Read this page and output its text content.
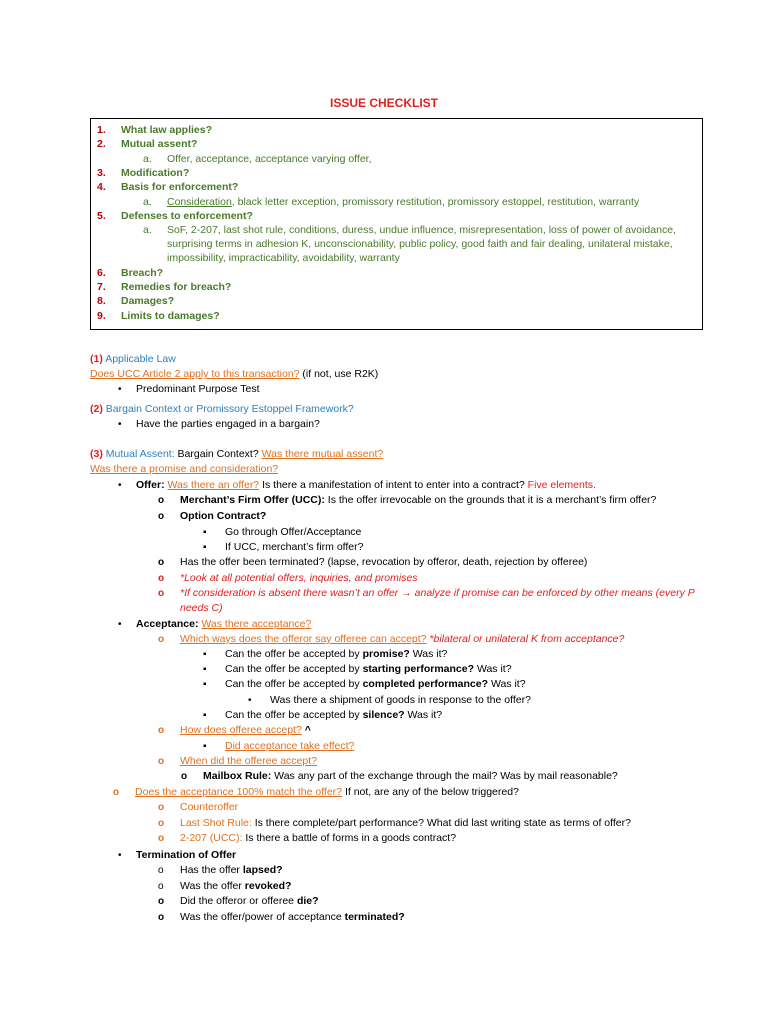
ISSUE CHECKLIST
1.	What law applies?
2.	Mutual assent?
a.	Offer, acceptance, acceptance varying offer,
3.	Modification?
4.	Basis for enforcement?
a.	Consideration, black letter exception, promissory restitution, promissory estoppel, restitution, warranty
5.	Defenses to enforcement?
a.	SoF, 2-207, last shot rule, conditions, duress, undue influence, misrepresentation, loss of power of avoidance,
surprising terms in adhesion K, unconscionability, public policy, good faith and fair dealing, unilateral mistake,
impossibility, impracticability, avoidability, warranty
6.	Breach?
7.	Remedies for breach?
8.	Damages?
9.	Limits to damages?
(1) Applicable Law
Does UCC Article 2 apply to this transaction? (if not, use R2K)
• Predominant Purpose Test
(2) Bargain Context or Promissory Estoppel Framework?
• Have the parties engaged in a bargain?
(3) Mutual Assent: Bargain Context? Was there mutual assent?
Was there a promise and consideration?
• Offer: Was there an offer? Is there a manifestation of intent to enter into a contract? Five elements.
o Merchant’s Firm Offer (UCC): Is the offer irrevocable on the grounds that it is a merchant’s firm offer?
o Option Contract?
▪ Go through Offer/Acceptance
▪ If UCC, merchant’s firm offer?
o Has the offer been terminated? (lapse, revocation by offeror, death, rejection by offeree)
o *Look at all potential offers, inquiries, and promises
o *If consideration is absent there wasn’t an offer → analyze if promise can be enforced by other means (every P
needs C)
• Acceptance: Was there acceptance?
o Which ways does the offeror say offeree can accept? *bilateral or unilateral K from acceptance?
▪ Can the offer be accepted by promise? Was it?
▪ Can the offer be accepted by starting performance? Was it?
▪ Can the offer be accepted by completed performance? Was it?
• Was there a shipment of goods in response to the offer?
▪ Can the offer be accepted by silence? Was it?
o How does offeree accept? ^
▪ Did acceptance take effect?
o When did the offeree accept?
o Mailbox Rule: Was any part of the exchange through the mail? Was by mail reasonable?
o Does the acceptance 100% match the offer? If not, are any of the below triggered?
o Counteroffer
o Last Shot Rule: Is there complete/part performance? What did last writing state as terms of offer?
o 2-207 (UCC): Is there a battle of forms in a goods contract?
• Termination of Offer
o Has the offer lapsed?
o Was the offer revoked?
o Did the offeror or offeree die?
o Was the offer/power of acceptance terminated?
